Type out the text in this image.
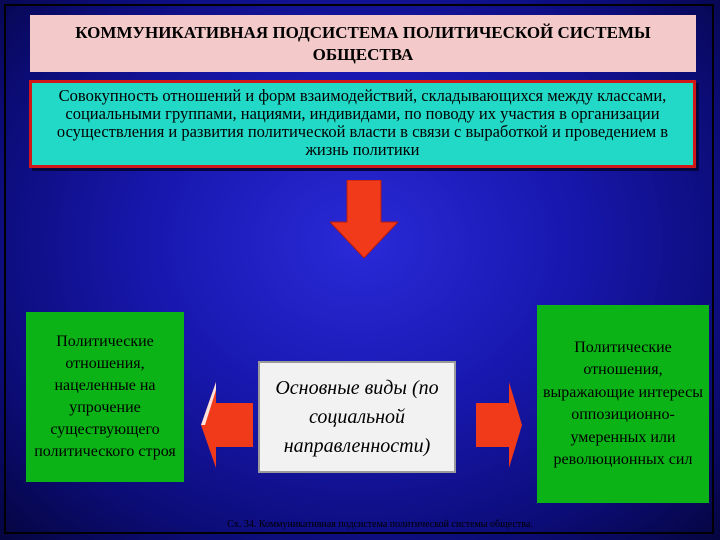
КОММУНИКАТИВНАЯ ПОДСИСТЕМА ПОЛИТИЧЕСКОЙ СИСТЕМЫ ОБЩЕСТВА
Совокупность отношений и форм взаимодействий, складывающихся между классами, социальными группами, нациями, индивидами, по поводу их участия в организации осуществления и развития политической власти в связи с выработкой и проведением в жизнь политики
Политические отношения, нацеленные на упрочение существующего политического строя
Основные виды (по социальной направленности)
Политические отношения, выражающие интересы оппозиционно-умеренных или революционных сил
Сх. 34. Коммуникативная подсистема политической системы общества.
